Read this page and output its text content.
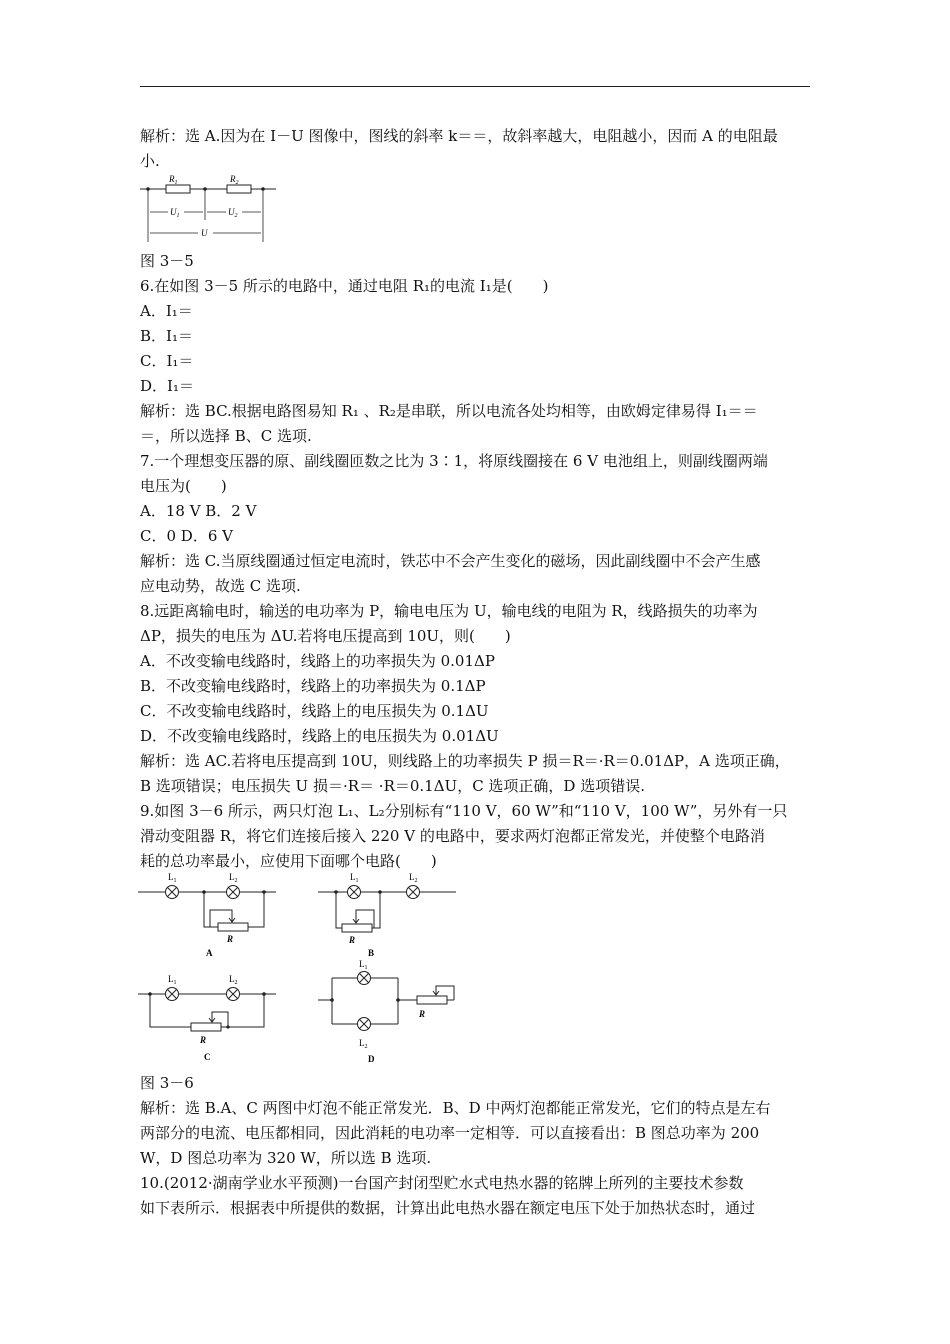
解析：选 A.因为在 I－U 图像中，图线的斜率 k＝＝，故斜率越大，电阻越小，因而 A 的电阻最
小.
$R_1$	$R_2$
$U_1$	$U_2$
U
图 3－5
6.在如图 3－5 所示的电路中，通过电阻 R₁的电流 I₁是(　　)
A．I₁＝
B．I₁＝
C．I₁＝
D．I₁＝
解析：选 BC.根据电路图易知 R₁ 、R₂是串联，所以电流各处均相等，由欧姆定律易得 I₁＝＝
＝，所以选择 B、C 选项.
7.一个理想变压器的原、副线圈匝数之比为 3∶1，将原线圈接在 6 V 电池组上，则副线圈两端
电压为(　　)
A．18 V B．2 V
C．0 D．6 V
解析：选 C.当原线圈通过恒定电流时，铁芯中不会产生变化的磁场，因此副线圈中不会产生感
应电动势，故选 C 选项.
8.远距离输电时，输送的电功率为 P，输电电压为 U，输电线的电阻为 R，线路损失的功率为
ΔP，损失的电压为 ΔU.若将电压提高到 10U，则(　　)
A．不改变输电线路时，线路上的功率损失为 0.01ΔP
B．不改变输电线路时，线路上的功率损失为 0.1ΔP
C．不改变输电线路时，线路上的电压损失为 0.1ΔU
D．不改变输电线路时，线路上的电压损失为 0.01ΔU
解析：选 AC.若将电压提高到 10U，则线路上的功率损失 P 损＝R＝·R＝0.01ΔP，A 选项正确，
B 选项错误；电压损失 U 损＝·R＝ ·R＝0.1ΔU，C 选项正确，D 选项错误.
9.如图 3－6 所示，两只灯泡 L₁、L₂分别标有“110 V，60 W”和“110 V，100 W”，另外有一只
滑动变阻器 R，将它们连接后接入 220 V 的电路中，要求两灯泡都正常发光，并使整个电路消
耗的总功率最小，应使用下面哪个电路(　　)
$L_1$	$L_2$
R
A
$L_1$	$L_2$
R
B
$L_1$	$L_2$
R
C
$L_1$
$L_2$
R
D
图 3－6
解析：选 B.A、C 两图中灯泡不能正常发光．B、D 中两灯泡都能正常发光，它们的特点是左右
两部分的电流、电压都相同，因此消耗的电功率一定相等．可以直接看出：B 图总功率为 200
W，D 图总功率为 320 W，所以选 B 选项.
10.(2012·湖南学业水平预测)一台国产封闭型贮水式电热水器的铭牌上所列的主要技术参数
如下表所示．根据表中所提供的数据，计算出此电热水器在额定电压下处于加热状态时，通过
